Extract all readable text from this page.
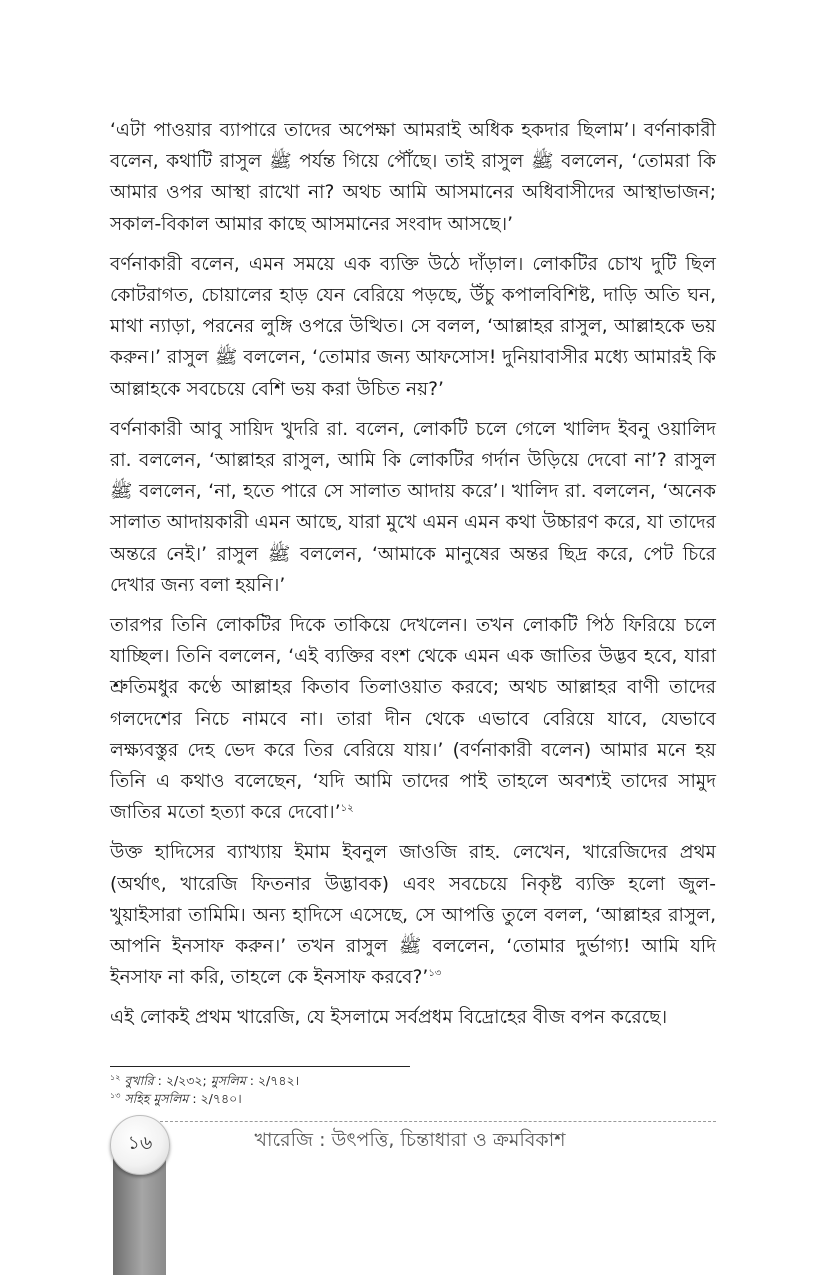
‘এটা পাওয়ার ব্যাপারে তাদের অপেক্ষা আমরাই অধিক হকদার ছিলাম’। বর্ণনাকারী বলেন, কথাটি রাসুল ﷺ পর্যন্ত গিয়ে পৌঁছে। তাই রাসুল ﷺ বললেন, ‘তোমরা কি আমার ওপর আস্থা রাখো না? অথচ আমি আসমানের অধিবাসীদের আস্থাভাজন; সকাল-বিকাল আমার কাছে আসমানের সংবাদ আসছে।’

বর্ণনাকারী বলেন, এমন সময়ে এক ব্যক্তি উঠে দাঁড়াল। লোকটির চোখ দুটি ছিল কোটরাগত, চোয়ালের হাড় যেন বেরিয়ে পড়ছে, উঁচু কপালবিশিষ্ট, দাড়ি অতি ঘন, মাথা ন্যাড়া, পরনের লুঙ্গি ওপরে উত্থিত। সে বলল, ‘আল্লাহর রাসুল, আল্লাহকে ভয় করুন।’ রাসুল ﷺ বললেন, ‘তোমার জন্য আফসোস! দুনিয়াবাসীর মধ্যে আমারই কি আল্লাহকে সবচেয়ে বেশি ভয় করা উচিত নয়?’

বর্ণনাকারী আবু সায়িদ খুদরি রা. বলেন, লোকটি চলে গেলে খালিদ ইবনু ওয়ালিদ রা. বললেন, ‘আল্লাহর রাসুল, আমি কি লোকটির গর্দান উড়িয়ে দেবো না’? রাসুল ﷺ বললেন, ‘না, হতে পারে সে সালাত আদায় করে’। খালিদ রা. বললেন, ‘অনেক সালাত আদায়কারী এমন আছে, যারা মুখে এমন এমন কথা উচ্চারণ করে, যা তাদের অন্তরে নেই।’ রাসুল ﷺ বললেন, ‘আমাকে মানুষের অন্তর ছিদ্র করে, পেট চিরে দেখার জন্য বলা হয়নি।’

তারপর তিনি লোকটির দিকে তাকিয়ে দেখলেন। তখন লোকটি পিঠ ফিরিয়ে চলে যাচ্ছিল। তিনি বললেন, ‘এই ব্যক্তির বংশ থেকে এমন এক জাতির উদ্ভব হবে, যারা শ্রুতিমধুর কণ্ঠে আল্লাহর কিতাব তিলাওয়াত করবে; অথচ আল্লাহর বাণী তাদের গলদেশের নিচে নামবে না। তারা দীন থেকে এভাবে বেরিয়ে যাবে, যেভাবে লক্ষ্যবস্তুর দেহ ভেদ করে তির বেরিয়ে যায়।’ (বর্ণনাকারী বলেন) আমার মনে হয় তিনি এ কথাও বলেছেন, ‘যদি আমি তাদের পাই তাহলে অবশ্যই তাদের সামুদ জাতির মতো হত্যা করে দেবো।’$^{১২}$

উক্ত হাদিসের ব্যাখ্যায় ইমাম ইবনুল জাওজি রাহ. লেখেন, খারেজিদের প্রথম (অর্থাৎ, খারেজি ফিতনার উদ্ভাবক) এবং সবচেয়ে নিকৃষ্ট ব্যক্তি হলো জুল-খুয়াইসারা তামিমি। অন্য হাদিসে এসেছে, সে আপত্তি তুলে বলল, ‘আল্লাহর রাসুল, আপনি ইনসাফ করুন।’ তখন রাসুল ﷺ বললেন, ‘তোমার দুর্ভাগ্য! আমি যদি ইনসাফ না করি, তাহলে কে ইনসাফ করবে?’$^{১৩}$

এই লোকই প্রথম খারেজি, যে ইসলামে সর্বপ্রধম বিদ্রোহের বীজ বপন করেছে।

$^{১২}$ বুখারি : ২/২৩২; মুসলিম : ২/৭৪২।

$^{১৩}$ সহিহ মুসলিম : ২/৭৪০।

১৬	খারেজি : উৎপত্তি, চিন্তাধারা ও ক্রমবিকাশ
